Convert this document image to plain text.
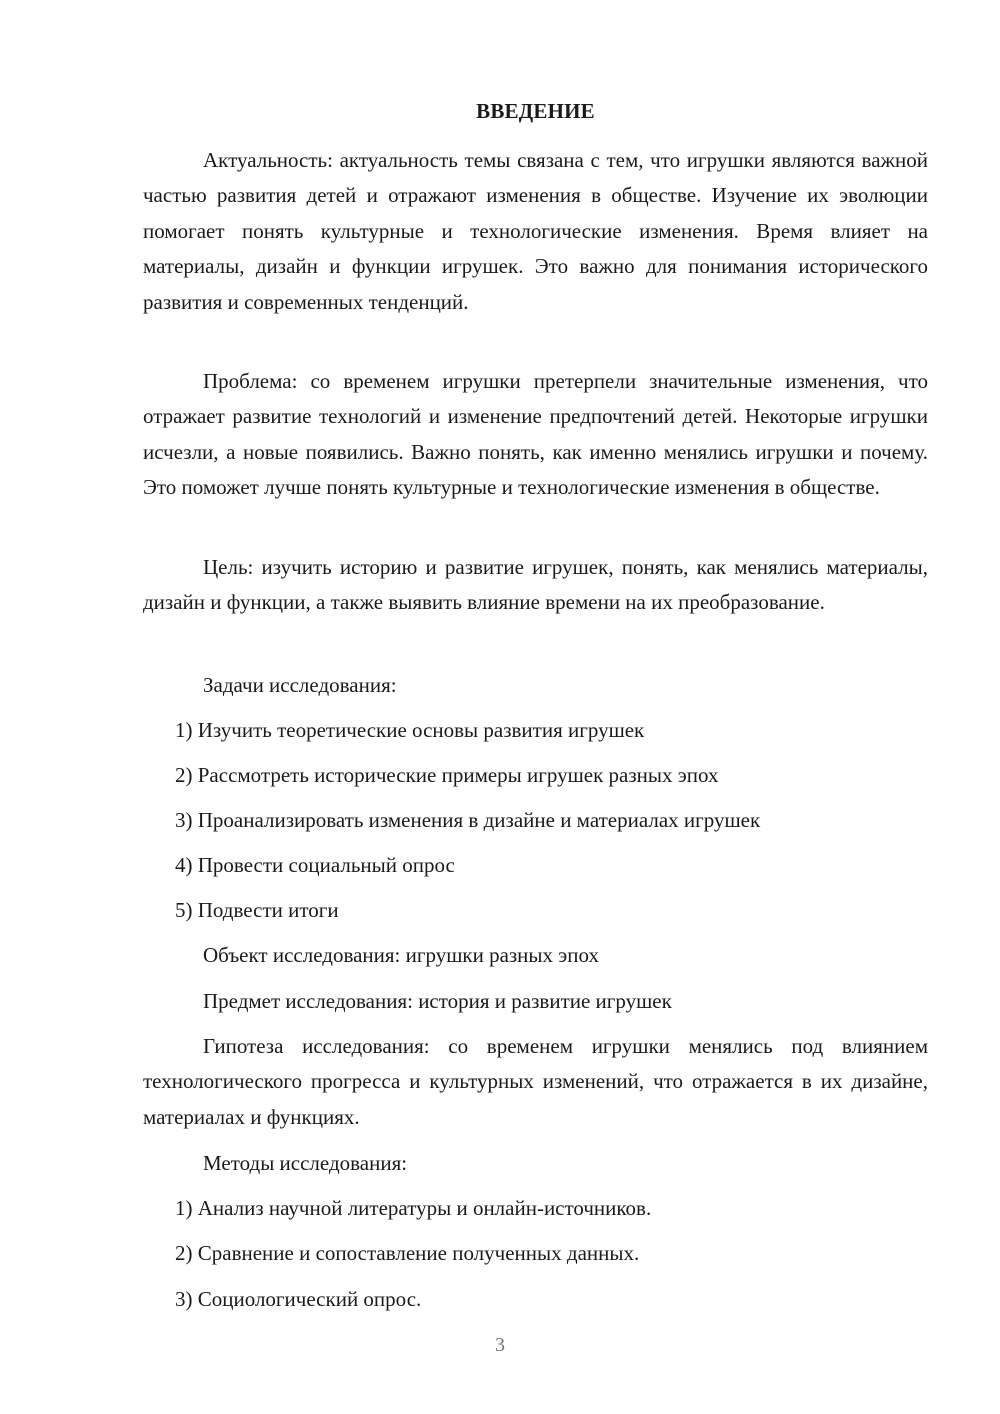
ВВЕДЕНИЕ

Актуальность: актуальность темы связана с тем, что игрушки являются важной частью развития детей и отражают изменения в обществе. Изучение их эволюции помогает понять культурные и технологические изменения. Время влияет на материалы, дизайн и функции игрушек. Это важно для понимания исторического развития и современных тенденций.

Проблема: со временем игрушки претерпели значительные изменения, что отражает развитие технологий и изменение предпочтений детей. Некоторые игрушки исчезли, а новые появились. Важно понять, как именно менялись игрушки и почему. Это поможет лучше понять культурные и технологические изменения в обществе.

Цель: изучить историю и развитие игрушек, понять, как менялись материалы, дизайн и функции, а также выявить влияние времени на их преобразование.

Задачи исследования:
1) Изучить теоретические основы развития игрушек
2) Рассмотреть исторические примеры игрушек разных эпох
3) Проанализировать изменения в дизайне и материалах игрушек
4) Провести социальный опрос
5) Подвести итоги
Объект исследования: игрушки разных эпох
Предмет исследования: история и развитие игрушек

Гипотеза исследования: со временем игрушки менялись под влиянием технологического прогресса и культурных изменений, что отражается в их дизайне, материалах и функциях.

Методы исследования:
1) Анализ научной литературы и онлайн-источников.
2) Сравнение и сопоставление полученных данных.
3) Социологический опрос.
3
